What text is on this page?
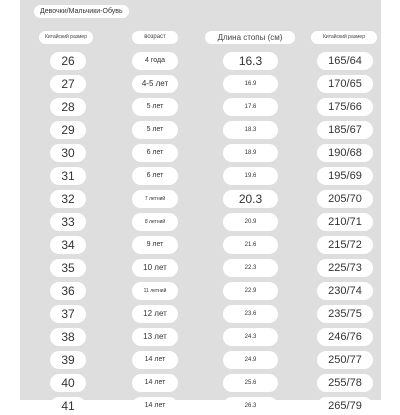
Девочки/Мальчики-Обувь
Китайский размер	возраст	Длина стопы (см)	Китайский размер
26	4 года	16.3	165/64
27	4-5 лет	16.9	170/65
28	5 лет	17.6	175/66
29	5 лет	18.3	185/67
30	6 лет	18.9	190/68
31	6 лет	19.6	195/69
32	7 летний	20.3	205/70
33	8 летний	20.9	210/71
34	9 лет	21.6	215/72
35	10 лет	22.3	225/73
36	11 летний	22.9	230/74
37	12 лет	23.6	235/75
38	13 лет	24.3	246/76
39	14 лет	24.9	250/77
40	14 лет	25.6	255/78
41	14 лет	26.3	265/79
